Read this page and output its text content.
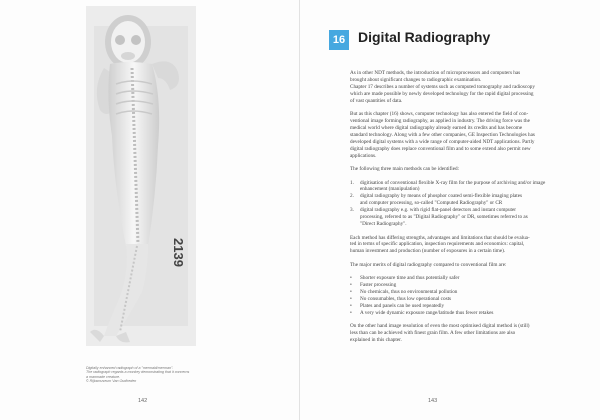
2139
Digitally enhanced radiograph of a "mermaid/merman".
The radiograph regards a monkey demonstrating that it concerns
a manmade creature.
© Rijksmuseum Van Oudheden
142	143
16 Digital Radiography

As in other NDT methods, the introduction of microprocessors and computers has
brought about significant changes to radiographic examination.
Chapter 17 describes a number of systems such as computed tomography and radioscopy
which are made possible by newly developed technology for the rapid digital processing
of vast quantities of data.

But as this chapter (16) shows, computer technology has also entered the field of con-
ventional image forming radiography, as applied in industry. The driving force was the
medical world where digital radiography already earned its credits and has become
standard technology. Along with a few other companies, GE Inspection Technologies has
developed digital systems with a wide range of computer-aided NDT applications. Partly
digital radiography does replace conventional film and to some extend also permit new
applications.

The following three main methods can be identified:

1.	digitisation of conventional flexible X-ray film for the purpose of archiving and/or image
enhancement (manipulation)
2.	digital radiography by means of phosphor coated semi-flexible imaging plates
and computer processing, so-called "Computed Radiography" or CR
3.	digital radiography e.g. with rigid flat-panel detectors and instant computer
processing, referred to as "Digital Radiography" or DR, sometimes referred to as
"Direct Radiography".

Each method has differing strengths, advantages and limitations that should be evalua-
ted in terms of specific application, inspection requirements and economics: capital,
human investment and production (number of exposures in a certain time).

The major merits of digital radiography compared to conventional film are:

•	Shorter exposure time and thus potentially safer
•	Faster processing
•	No chemicals, thus no environmental pollution
•	No consumables, thus low operational costs
•	Plates and panels can be used repeatedly
•	A very wide dynamic exposure range/latitude thus fewer retakes

On the other hand image resolution of even the most optimised digital method is (still)
less than can be achieved with finest grain film. A few other limitations are also
explained in this chapter.
